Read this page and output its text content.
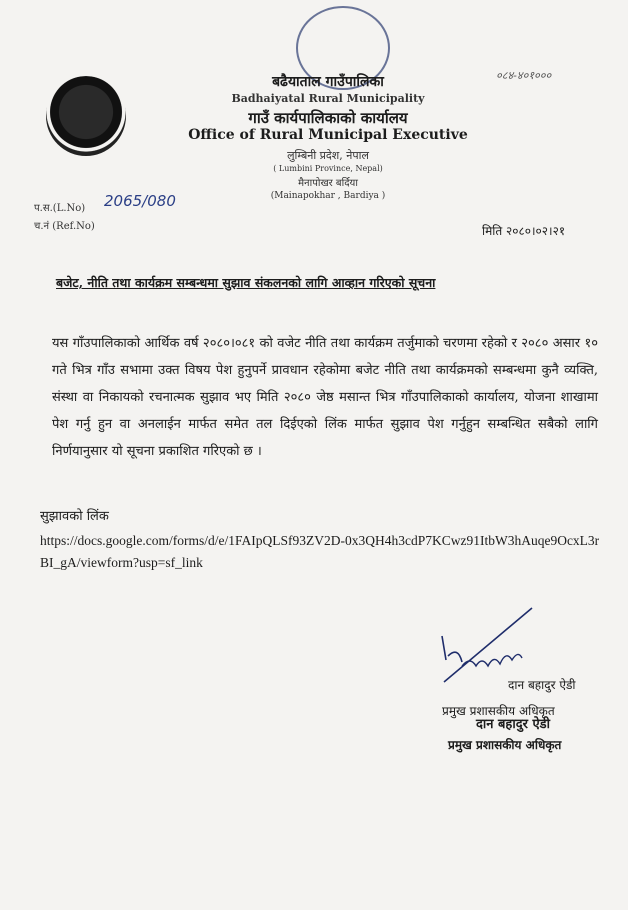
बढैयाताल गाउँपालिका
Badhaiyatal Rural Municipality
गाउँ कार्यपालिकाको कार्यालय
Office of Rural Municipal Executive
लुम्बिनी प्रदेश, नेपाल
( Lumbini Province, Nepal)
मैनापोखर बर्दिया
(Mainapokhar , Bardiya )
०८४-४०१०००
प.स.(L.No) 2065/080
च.नं (Ref.No)	मिति २०८०।०२।२१
बजेट, नीति तथा कार्यक्रम सम्बन्धमा सुझाव संकलनको लागि आव्हान गरिएको सूचना
यस गाँउपालिकाको आर्थिक वर्ष २०८०।०८१ को वजेट नीति तथा कार्यक्रम तर्जुमाको चरणमा रहेको र २०८० असार १० गते भित्र गाँउ सभामा उक्त विषय पेश हुनुपर्ने प्रावधान रहेकोमा बजेट नीति तथा कार्यक्रमको सम्बन्धमा कुनै व्यक्ति, संस्था वा निकायको रचनात्मक सुझाव भए मिति २०८० जेष्ठ मसान्त भित्र गाँउपालिकाको कार्यालय, योजना शाखामा पेश गर्नु हुन वा अनलाईन मार्फत समेत तल दिईएको लिंक मार्फत सुझाव पेश गर्नुहुन सम्बन्धित सबैको लागि निर्णयानुसार यो सूचना प्रकाशित गरिएको छ ।
सुझावको लिंक
https://docs.google.com/forms/d/e/1FAIpQLSf93ZV2D-0x3QH4h3cdP7KCwz91ItbW3hAuqe9OcxL3rBI_gA/viewform?usp=sf_link
दान बहादुर ऐडी
प्रमुख प्रशासकीय अधिकृत
दान बहादुर ऐडी
प्रमुख प्रशासकीय अधिकृत
